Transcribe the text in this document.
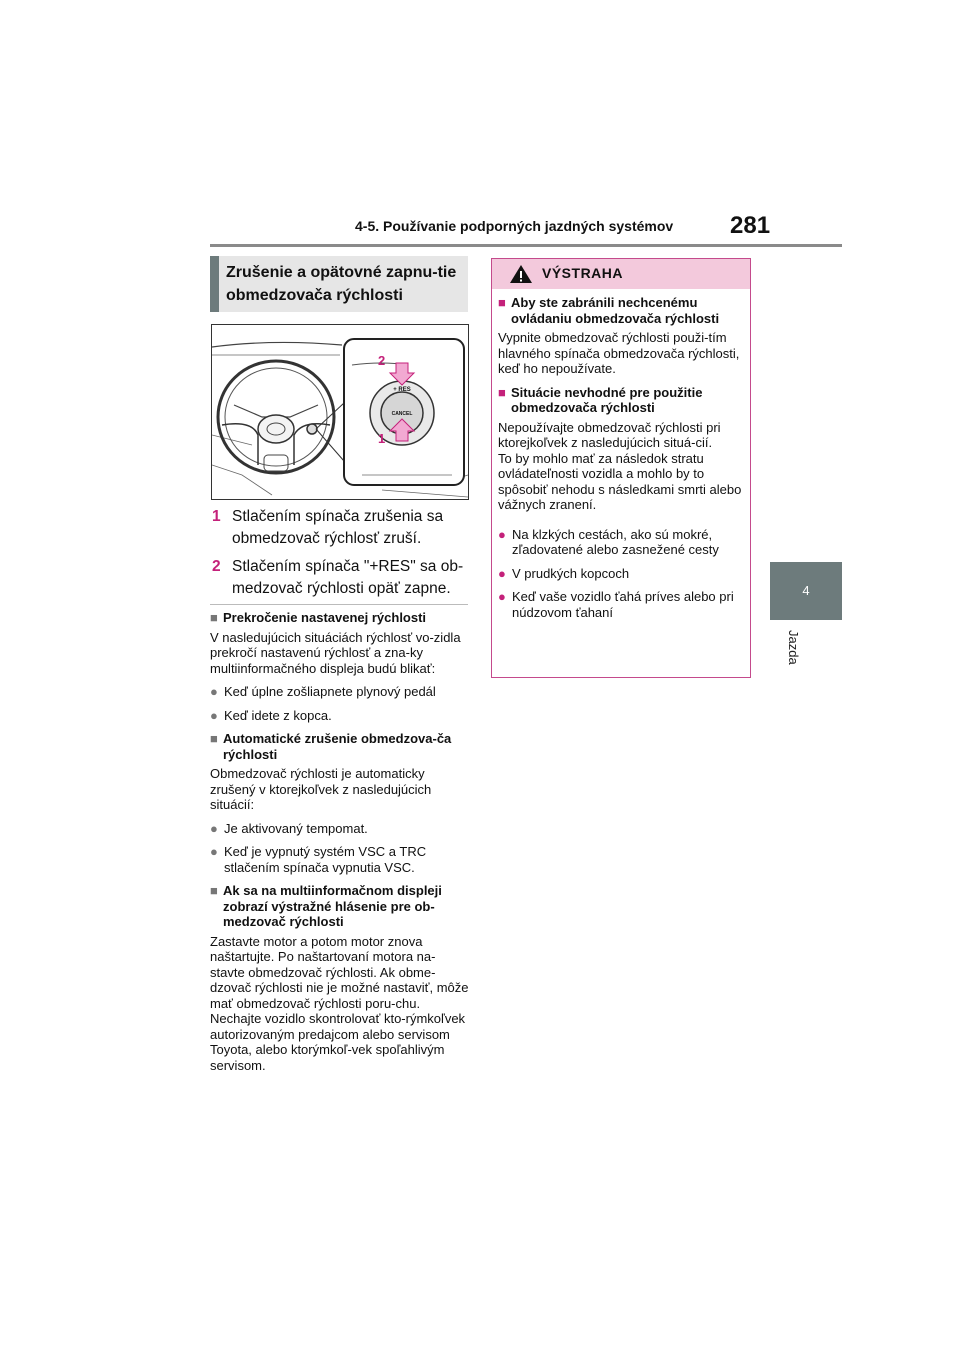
4-5. Používanie podporných jazdných systémov 281
4
Jazda
Zrušenie a opätovné zapnu-tie obmedzovača rýchlosti
2
1
+ RES
CANCEL
1 Stlačením spínača zrušenia sa obmedzovač rýchlosť zruší.
2 Stlačením spínača "+RES" sa ob-medzovač rýchlosti opäť zapne.
■ Prekročenie nastavenej rýchlosti
V nasledujúcich situáciách rýchlosť vo-zidla prekročí nastavenú rýchlosť a zna-ky multiinformačného displeja budú blikať:
● Keď úplne zošliapnete plynový pedál
● Keď idete z kopca.
■ Automatické zrušenie obmedzova-ča rýchlosti
Obmedzovač rýchlosti je automaticky zrušený v ktorejkoľvek z nasledujúcich situácií:
● Je aktivovaný tempomat.
● Keď je vypnutý systém VSC a TRC stlačením spínača vypnutia VSC.
■ Ak sa na multiinformačnom displeji zobrazí výstražné hlásenie pre ob-medzovač rýchlosti
Zastavte motor a potom motor znova naštartujte. Po naštartovaní motora na-stavte obmedzovač rýchlosti. Ak obme-dzovač rýchlosti nie je možné nastaviť, môže mať obmedzovač rýchlosti poru-chu. Nechajte vozidlo skontrolovať kto-rýmkoľvek autorizovaným predajcom alebo servisom Toyota, alebo ktorýmkoľ-vek spoľahlivým servisom.
VÝSTRAHA
■ Aby ste zabránili nechcenému ovládaniu obmedzovača rýchlosti
Vypnite obmedzovač rýchlosti použi-tím hlavného spínača obmedzovača rýchlosti, keď ho nepoužívate.
■ Situácie nevhodné pre použitie obmedzovača rýchlosti
Nepoužívajte obmedzovač rýchlosti pri ktorejkoľvek z nasledujúcich situá-cií.
To by mohlo mať za následok stratu ovládateľnosti vozidla a mohlo by to spôsobiť nehodu s následkami smrti alebo vážnych zranení.
● Na klzkých cestách, ako sú mokré, zľadovatené alebo zasnežené cesty
● V prudkých kopcoch
● Keď vaše vozidlo ťahá príves alebo pri núdzovom ťahaní
